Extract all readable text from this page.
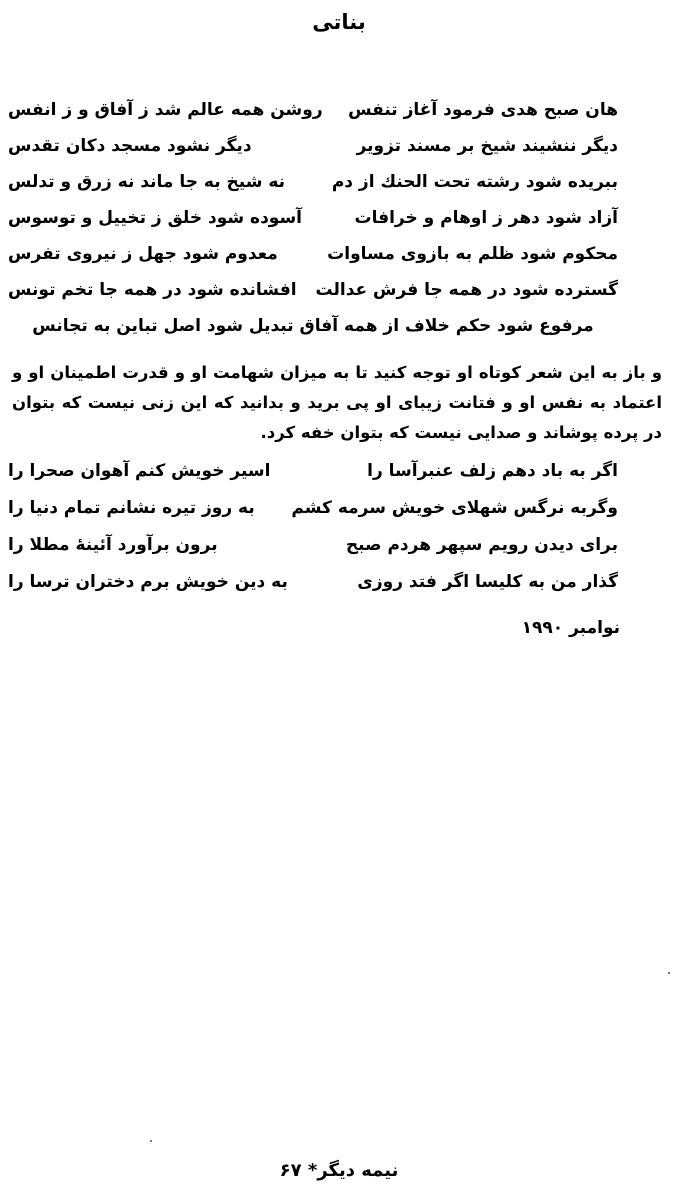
بناتی
هان صبح هدی فرمود آغاز تنفس
روشن همه عالم شد ز آفاق و ز انفس
دیگر ننشیند شیخ بر مسند تزویر
دیگر نشود مسجد دکان تقدس
ببریده شود رشته تحت الحنك از دم
نه شیخ به جا ماند نه زرق و تدلس
آزاد شود دهر ز اوهام و خرافات
آسوده شود خلق ز تخییل و توسوس
محکوم شود ظلم به بازوی مساوات
معدوم شود جهل ز نیروی تفرس
گسترده شود در همه جا فرش عدالت
افشانده شود در همه جا تخم تونس
مرفوع شود حکم خلاف از همه آفاق تبدیل شود اصل تباین به تجانس
و باز به این شعر کوتاه او توجه کنید تا به میزان شهامت او و قدرت اطمینان او و اعتماد به نفس او و فتانت زیبای او پی برید و بدانید که این زنی نیست که بتوان در پرده پوشاند و صدایی نیست که بتوان خفه کرد.
اگر به باد دهم زلف عنبرآسا را
اسیر خویش کنم آهوان صحرا را
وگربه نرگس شهلای خویش سرمه کشم
به روز تیره نشانم تمام دنیا را
برای دیدن رویم سپهر هردم صبح
برون برآورد آئینهٔ مطلا را
گذار من به کلیسا اگر فتد روزی
به دین خویش برم دختران ترسا را
نوامبر ۱۹۹۰
نیمه دیگر* ۶۷
